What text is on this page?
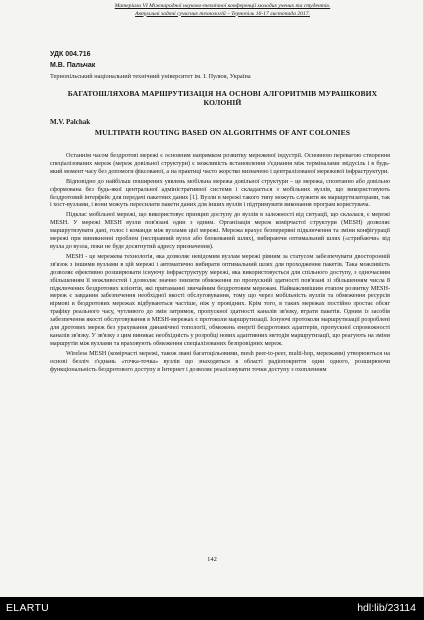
Матеріали VI Міжнародної науково-технічної конференції молодих учених та студентів.
Актуальні задачі сучасних технологій – Тернопіль 16-17 листопада 2017.
УДК 004.716
М.В. Пальчак
Тернопільський національний технічний університет ім. І. Пулюя, Україна
БАГАТОШЛЯХОВА МАРШРУТИЗАЦІЯ НА ОСНОВІ АЛГОРИТМІВ МУРАШКОВИХ КОЛОНІЙ
M.V. Palchak
MULTIPATH ROUTING BASED ON ALGORITHMS OF ANT COLONIES

Останнім часом бездротові мережі є основним напрямком розвитку мережевої індустрії. Основною перевагою створення спеціалізованих мереж (мереж довільної структури) є можливість встановлення з'єднання між терміналами звідусіль і в будь-який момент часу без допомоги фіксованої, а на практиці часто жорстко визначено і централізованої мережевої інфраструктури.

Відповідно до найбільш поширених уявлень мобільна мережа довільної структури – це мережа, спонтанно або довільно сформована без будь-якої центральної адміністративної системи і складається з мобільних вузлів, що використовують бездротовий інтерфейс для передачі пакетних даних [1]. Вузли в мережі такого типу можуть служити як маршрутизаторами, так і хост-вузлами, і вони можуть пересилати пакети даних для інших вузлів і підтримувати виконання програм користувача.

Підклас мобільної мережі, що використовує принцип доступу до вузлів в залежності від ситуації, що склалася, є мережі MESH. У мережі MESH вузли пов'язані один з одним. Організація мереж комірчастої структури (MESH) дозволяє маршрутизувати дані, голос і команди між вузлами цієї мережі. Мережа врахує безперервні підключення та зміни конфігурації мережі при виникненні проблем (несправний вузол або блокований шлях), вибираючи оптимальний шлях («стрибаючи» від вузла до вузла, поки не буде досягнутий адресу призначення).

MESH - це мережева технологія, яка дозволяє невідомим вузлам мережі рівним за статусом забезпечувати двосторонній зв'язок з іншими вузлами в цій мережі і автоматично вибирати оптимальний шлях для проходження пакетів. Така можливість дозволяє ефективно розширювати існуючу інфраструктуру мережі, яка використовується для спільного доступу, з одночасним збільшенням її можливостей і дозволяє значно знизити обмеження по пропускній здатності пов'язані зі збільшенням числа 8 підключених бездротових клієнтів, які притаманні звичайним бездротовим мережам. Найважливішим етапом розвитку MESH-мереж є завдання забезпечення необхідної якості обслуговування, тому що через мобільність вузлів та обмеження ресурсів вірмові в бездротових мережах відбуваються частіше, ніж у провідних. Крім того, в таких мережах постійно зростає обсяг трафіку реального часу, чутливого до змін затримок, пропускної здатності каналів зв'язку, втрати пакетів. Одним із засобів забезпечення якості обслуговування в MESH-мережах є протоколи маршрутизації. Існуючі протоколи маршрутизації розроблені для дротових мереж без урахування динамічної топології, обмежень енергії бездротових адаптерів, пропускної спроможності каналів зв'язку. У зв'язку з цим виникає необхідність у розробці нових адаптивних методів маршрутизації, що реагують на зміни маршрутів між вузлами та враховують обмеження спеціалізованих безпровідних мереж.

Wireless MESH (комірчасті мережі, також звані багатоцільовими, mesh peer-to-peer, multi-hop, мережами) утворюються на основі безліч з'єднань «точка-точка» вузлів що знаходяться в області радіопокриття один одного, розширюючи функціональність бездротового доступу в Інтернет і дозволяє реалізовувати точки доступу з охопленням

142
ELARTU	hdl:lib/23114
